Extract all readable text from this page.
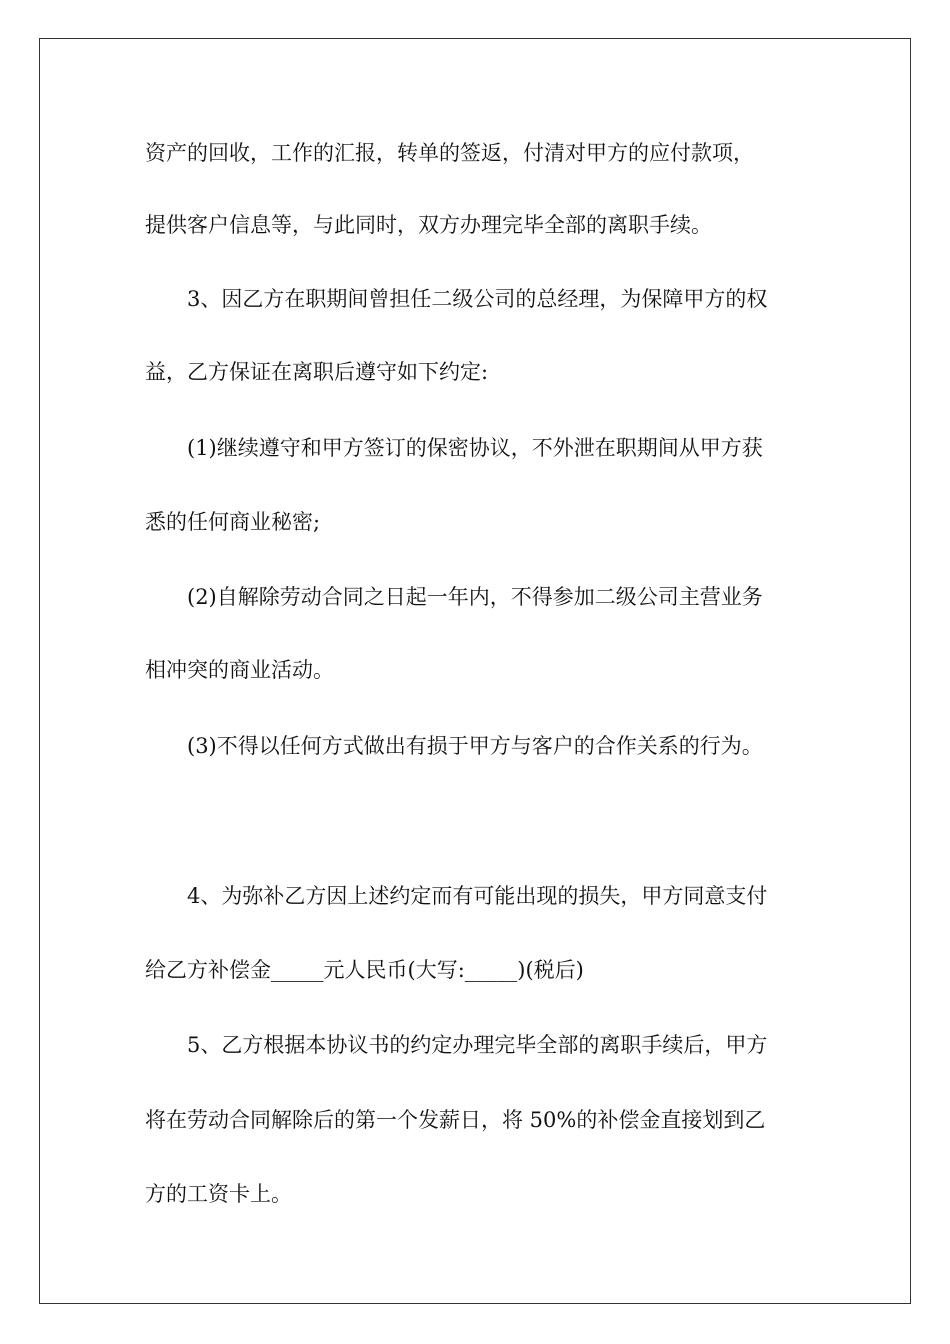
资产的回收，工作的汇报，转单的签返，付清对甲方的应付款项，

提供客户信息等，与此同时，双方办理完毕全部的离职手续。

3、因乙方在职期间曾担任二级公司的总经理，为保障甲方的权

益，乙方保证在离职后遵守如下约定:

(1)继续遵守和甲方签订的保密协议，不外泄在职期间从甲方获

悉的任何商业秘密;

(2)自解除劳动合同之日起一年内，不得参加二级公司主营业务

相冲突的商业活动。

(3)不得以任何方式做出有损于甲方与客户的合作关系的行为。

4、为弥补乙方因上述约定而有可能出现的损失，甲方同意支付

给乙方补偿金_____元人民币(大写:_____)(税后)

5、乙方根据本协议书的约定办理完毕全部的离职手续后，甲方

将在劳动合同解除后的第一个发薪日，将 50%的补偿金直接划到乙

方的工资卡上。
